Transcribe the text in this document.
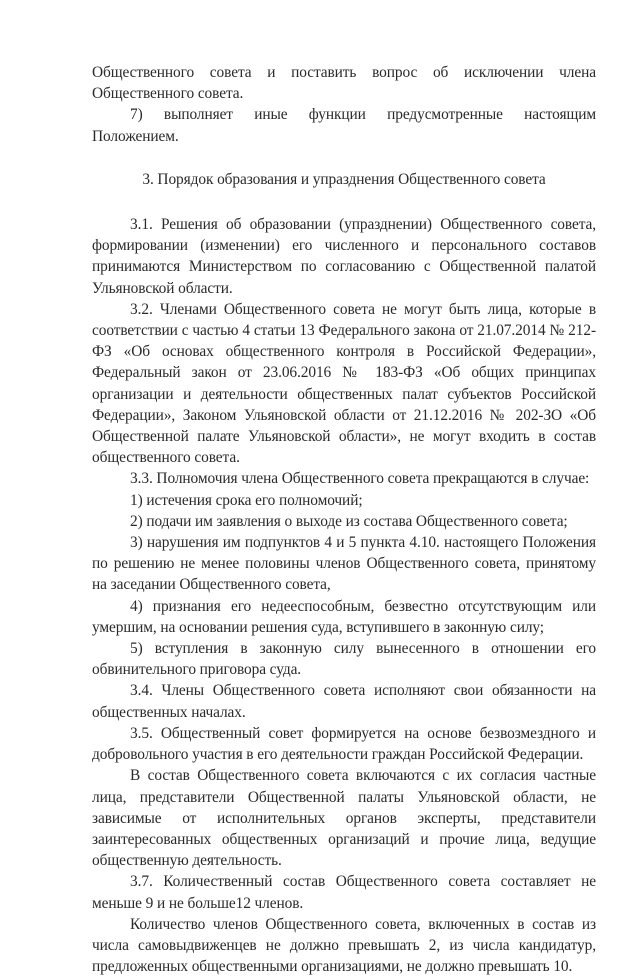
Общественного совета и поставить вопрос об исключении члена Общественного совета.

7) выполняет иные функции предусмотренные настоящим Положением.

3. Порядок образования и упразднения Общественного совета

3.1. Решения об образовании (упразднении) Общественного совета, формировании (изменении) его численного и персонального составов принимаются Министерством по согласованию с Общественной палатой Ульяновской области.

3.2. Членами Общественного совета не могут быть лица, которые в соответствии с частью 4 статьи 13 Федерального закона от 21.07.2014 № 212-ФЗ «Об основах общественного контроля в Российской Федерации», Федеральный закон от 23.06.2016 № 183-ФЗ «Об общих принципах организации и деятельности общественных палат субъектов Российской Федерации», Законом Ульяновской области от 21.12.2016 № 202-ЗО «Об Общественной палате Ульяновской области», не могут входить в состав общественного совета.

3.3. Полномочия члена Общественного совета прекращаются в случае:

1) истечения срока его полномочий;

2) подачи им заявления о выходе из состава Общественного совета;

3) нарушения им подпунктов 4 и 5 пункта 4.10. настоящего Положения по решению не менее половины членов Общественного совета, принятому на заседании Общественного совета,

4) признания его недееспособным, безвестно отсутствующим или умершим, на основании решения суда, вступившего в законную силу;

5) вступления в законную силу вынесенного в отношении его обвинительного приговора суда.

3.4. Члены Общественного совета исполняют свои обязанности на общественных началах.

3.5. Общественный совет формируется на основе безвозмездного и добровольного участия в его деятельности граждан Российской Федерации.

В состав Общественного совета включаются с их согласия частные лица, представители Общественной палаты Ульяновской области, не зависимые от исполнительных органов эксперты, представители заинтересованных общественных организаций и прочие лица, ведущие общественную деятельность.

3.7. Количественный состав Общественного совета составляет не меньше 9 и не больше12 членов.

Количество членов Общественного совета, включенных в состав из числа самовыдвиженцев не должно превышать 2, из числа кандидатур, предложенных общественными организациями, не должно превышать 10.
